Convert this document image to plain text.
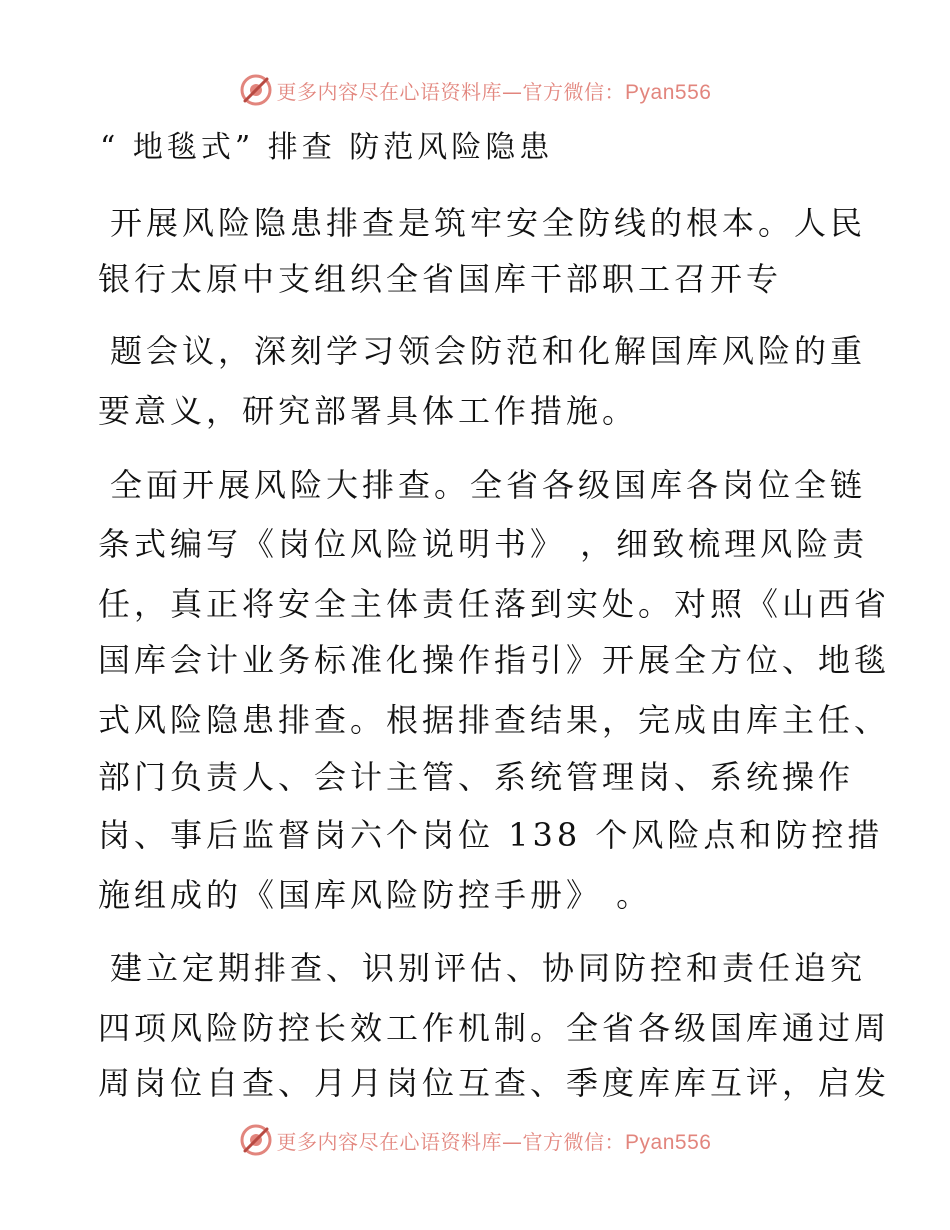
更多内容尽在心语资料库—官方微信：Pyan556
“ 地毯式” 排查 防范风险隐患
开展风险隐患排查是筑牢安全防线的根本。人民
银行太原中支组织全省国库干部职工召开专
题会议，深刻学习领会防范和化解国库风险的重
要意义，研究部署具体工作措施。
全面开展风险大排查。全省各级国库各岗位全链
条式编写《岗位风险说明书》 ，细致梳理风险责
任，真正将安全主体责任落到实处。对照《山西省
国库会计业务标准化操作指引》开展全方位、地毯
式风险隐患排查。根据排查结果，完成由库主任、
部门负责人、会计主管、系统管理岗、系统操作
岗、事后监督岗六个岗位 138 个风险点和防控措
施组成的《国库风险防控手册》 。
建立定期排查、识别评估、协同防控和责任追究
四项风险防控长效工作机制。全省各级国库通过周
周岗位自查、月月岗位互查、季度库库互评，启发
更多内容尽在心语资料库—官方微信：Pyan556
